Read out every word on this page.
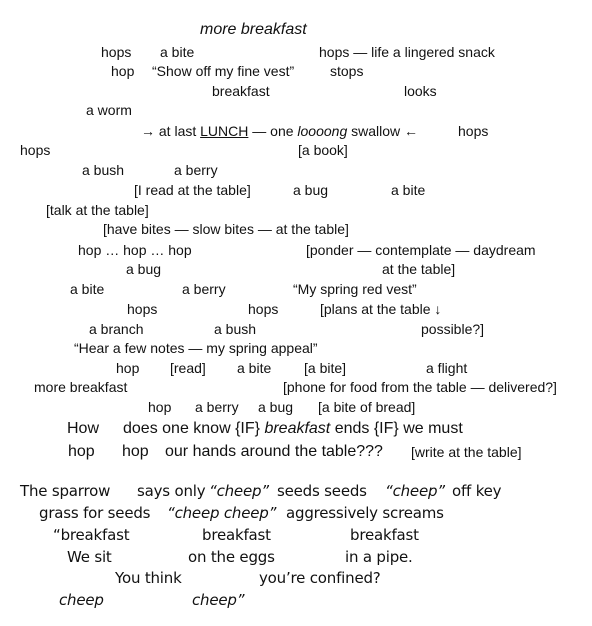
more breakfast
hops a bite	hops — life a lingered snack
hop “Show off my fine vest”	stops
breakfast	looks
a worm
→ at last LUNCH — one loooong swallow ←	hops
hops	[a book]
a bush	a berry
[I read at the table]	a bug	a bite
[talk at the table]
[have bites — slow bites — at the table]
hop … hop … hop	[ponder — contemplate — daydream
a bug	at the table]
a bite	a berry	“My spring red vest”
hops	hops	[plans at the table ↓
a branch	a bush	possible?]
“Hear a few notes — my spring appeal”
hop [read] a bite [a bite]	a flight
more breakfast	[phone for food from the table — delivered?]
hop a berry a bug [a bite of bread]
How does one know {IF} breakfast ends {IF} we must
hop hop our hands around the table??? [write at the table]
The sparrow says only “cheep” seeds seeds “cheep” off key
grass for seeds “cheep cheep” aggressively screams
“breakfast	breakfast	breakfast
We sit	on the eggs	in a pipe.
You think	you’re confined?
cheep	cheep”
